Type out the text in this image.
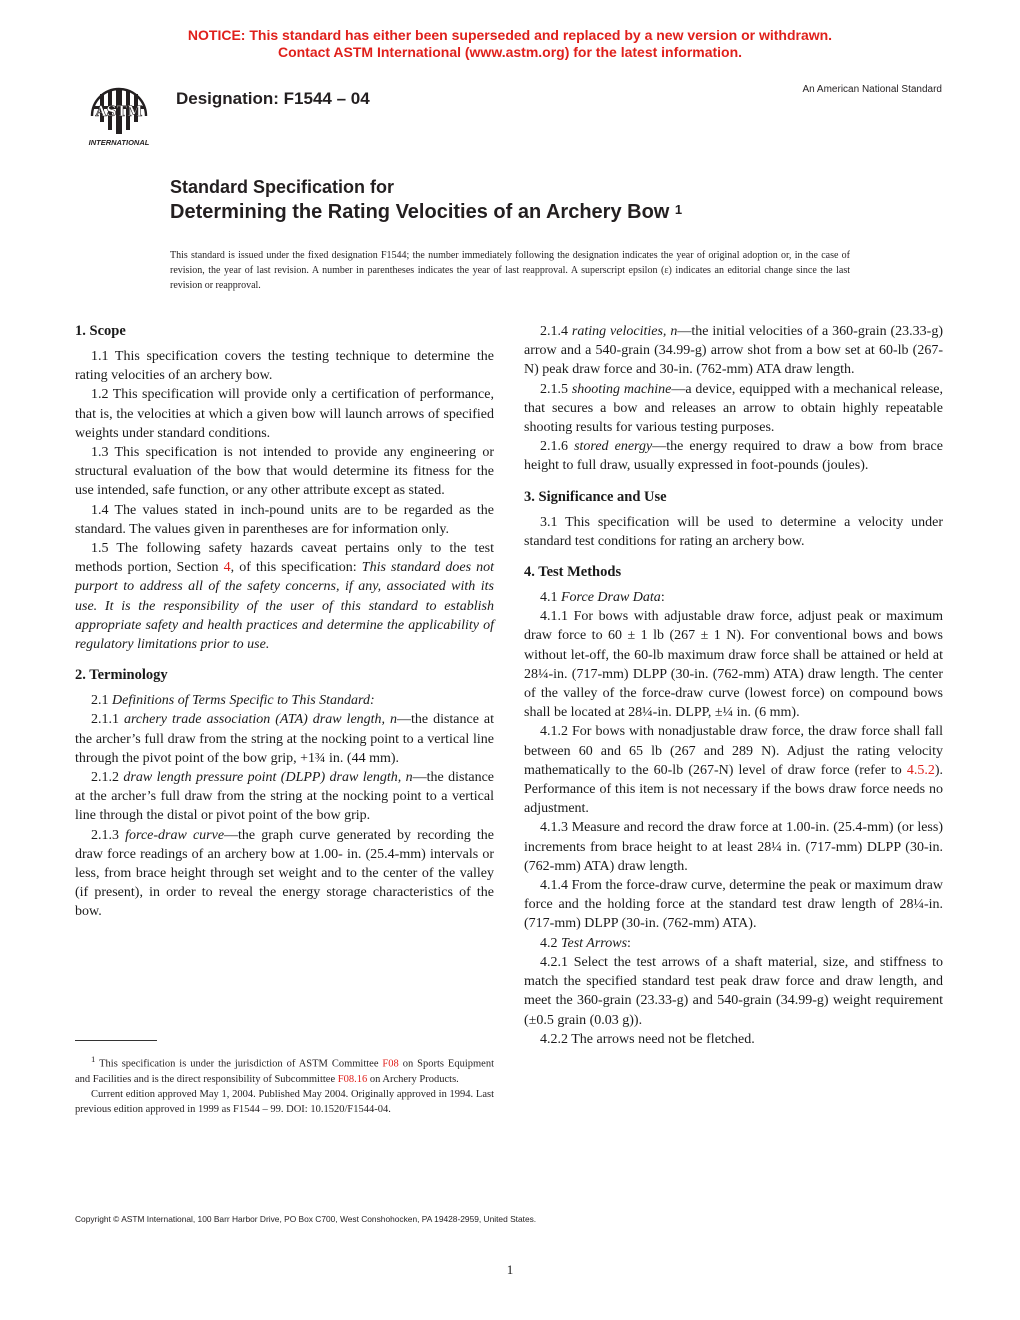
NOTICE: This standard has either been superseded and replaced by a new version or withdrawn.
Contact ASTM International (www.astm.org) for the latest information.
ASTM
INTERNATIONAL
Designation: F1544 – 04	An American National Standard
Standard Specification for
Determining the Rating Velocities of an Archery Bow $^1$
This standard is issued under the fixed designation F1544; the number immediately following the designation indicates the year of original adoption or, in the case of revision, the year of last revision. A number in parentheses indicates the year of last reapproval. A superscript epsilon (ε) indicates an editorial change since the last revision or reapproval.
1. Scope

1.1 This specification covers the testing technique to determine the rating velocities of an archery bow.

1.2 This specification will provide only a certification of performance, that is, the velocities at which a given bow will launch arrows of specified weights under standard conditions.

1.3 This specification is not intended to provide any engineering or structural evaluation of the bow that would determine its fitness for the use intended, safe function, or any other attribute except as stated.

1.4 The values stated in inch-pound units are to be regarded as the standard. The values given in parentheses are for information only.

1.5 The following safety hazards caveat pertains only to the test methods portion, Section 4, of this specification: This standard does not purport to address all of the safety concerns, if any, associated with its use. It is the responsibility of the user of this standard to establish appropriate safety and health practices and determine the applicability of regulatory limitations prior to use.

2. Terminology

2.1 Definitions of Terms Specific to This Standard:

2.1.1 archery trade association (ATA) draw length, n—the distance at the archer’s full draw from the string at the nocking point to a vertical line through the pivot point of the bow grip, +1¾ in. (44 mm).

2.1.2 draw length pressure point (DLPP) draw length, n—the distance at the archer’s full draw from the string at the nocking point to a vertical line through the distal or pivot point of the bow grip.

2.1.3 force-draw curve—the graph curve generated by recording the draw force readings of an archery bow at 1.00- in. (25.4-mm) intervals or less, from brace height through set weight and to the center of the valley (if present), in order to reveal the energy storage characteristics of the bow.

2.1.4 rating velocities, n—the initial velocities of a 360-grain (23.33-g) arrow and a 540-grain (34.99-g) arrow shot from a bow set at 60-lb (267-N) peak draw force and 30-in. (762-mm) ATA draw length.

2.1.5 shooting machine—a device, equipped with a mechanical release, that secures a bow and releases an arrow to obtain highly repeatable shooting results for various testing purposes.

2.1.6 stored energy—the energy required to draw a bow from brace height to full draw, usually expressed in foot-pounds (joules).

3. Significance and Use

3.1 This specification will be used to determine a velocity under standard test conditions for rating an archery bow.

4. Test Methods

4.1 Force Draw Data:

4.1.1 For bows with adjustable draw force, adjust peak or maximum draw force to 60 ± 1 lb (267 ± 1 N). For conventional bows and bows without let-off, the 60-lb maximum draw force shall be attained or held at 28¼-in. (717-mm) DLPP (30-in. (762-mm) ATA) draw length. The center of the valley of the force-draw curve (lowest force) on compound bows shall be located at 28¼-in. DLPP, ±¼ in. (6 mm).

4.1.2 For bows with nonadjustable draw force, the draw force shall fall between 60 and 65 lb (267 and 289 N). Adjust the rating velocity mathematically to the 60-lb (267-N) level of draw force (refer to 4.5.2). Performance of this item is not necessary if the bows draw force needs no adjustment.

4.1.3 Measure and record the draw force at 1.00-in. (25.4-mm) (or less) increments from brace height to at least 28¼ in. (717-mm) DLPP (30-in. (762-mm) ATA) draw length.

4.1.4 From the force-draw curve, determine the peak or maximum draw force and the holding force at the standard test draw length of 28¼-in. (717-mm) DLPP (30-in. (762-mm) ATA).

4.2 Test Arrows:

4.2.1 Select the test arrows of a shaft material, size, and stiffness to match the specified standard test peak draw force and draw length, and meet the 360-grain (23.33-g) and 540-grain (34.99-g) weight requirement (±0.5 grain (0.03 g)).

4.2.2 The arrows need not be fletched.

$^1$ This specification is under the jurisdiction of ASTM Committee F08 on Sports Equipment and Facilities and is the direct responsibility of Subcommittee F08.16 on Archery Products.

Current edition approved May 1, 2004. Published May 2004. Originally approved in 1994. Last previous edition approved in 1999 as F1544 – 99. DOI: 10.1520/F1544-04.

Copyright © ASTM International, 100 Barr Harbor Drive, PO Box C700, West Conshohocken, PA 19428-2959, United States.
1
